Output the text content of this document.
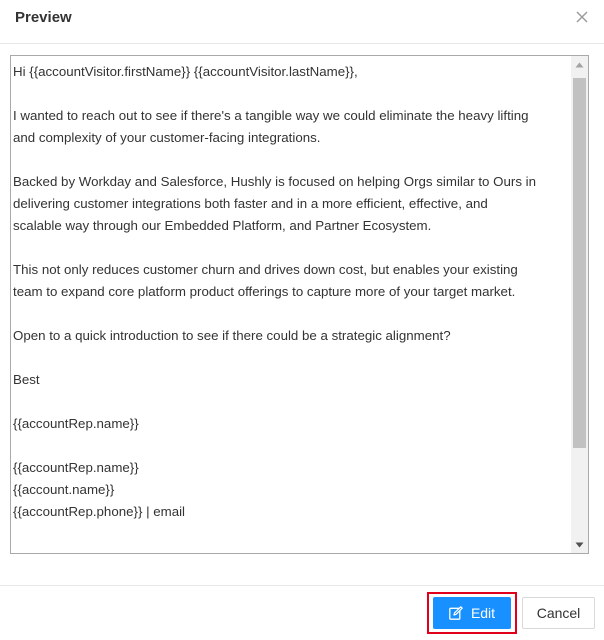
Preview
Hi {{accountVisitor.firstName}} {{accountVisitor.lastName}},
I wanted to reach out to see if there's a tangible way we could eliminate the heavy lifting
and complexity of your customer-facing integrations.
Backed by Workday and Salesforce, Hushly is focused on helping Orgs similar to Ours in
delivering customer integrations both faster and in a more efficient, effective, and
scalable way through our Embedded Platform, and Partner Ecosystem.
This not only reduces customer churn and drives down cost, but enables your existing
team to expand core platform product offerings to capture more of your target market.
Open to a quick introduction to see if there could be a strategic alignment?
Best
{{accountRep.name}}
{{accountRep.name}}
{{account.name}}
{{accountRep.phone}} | email
Edit	Cancel
